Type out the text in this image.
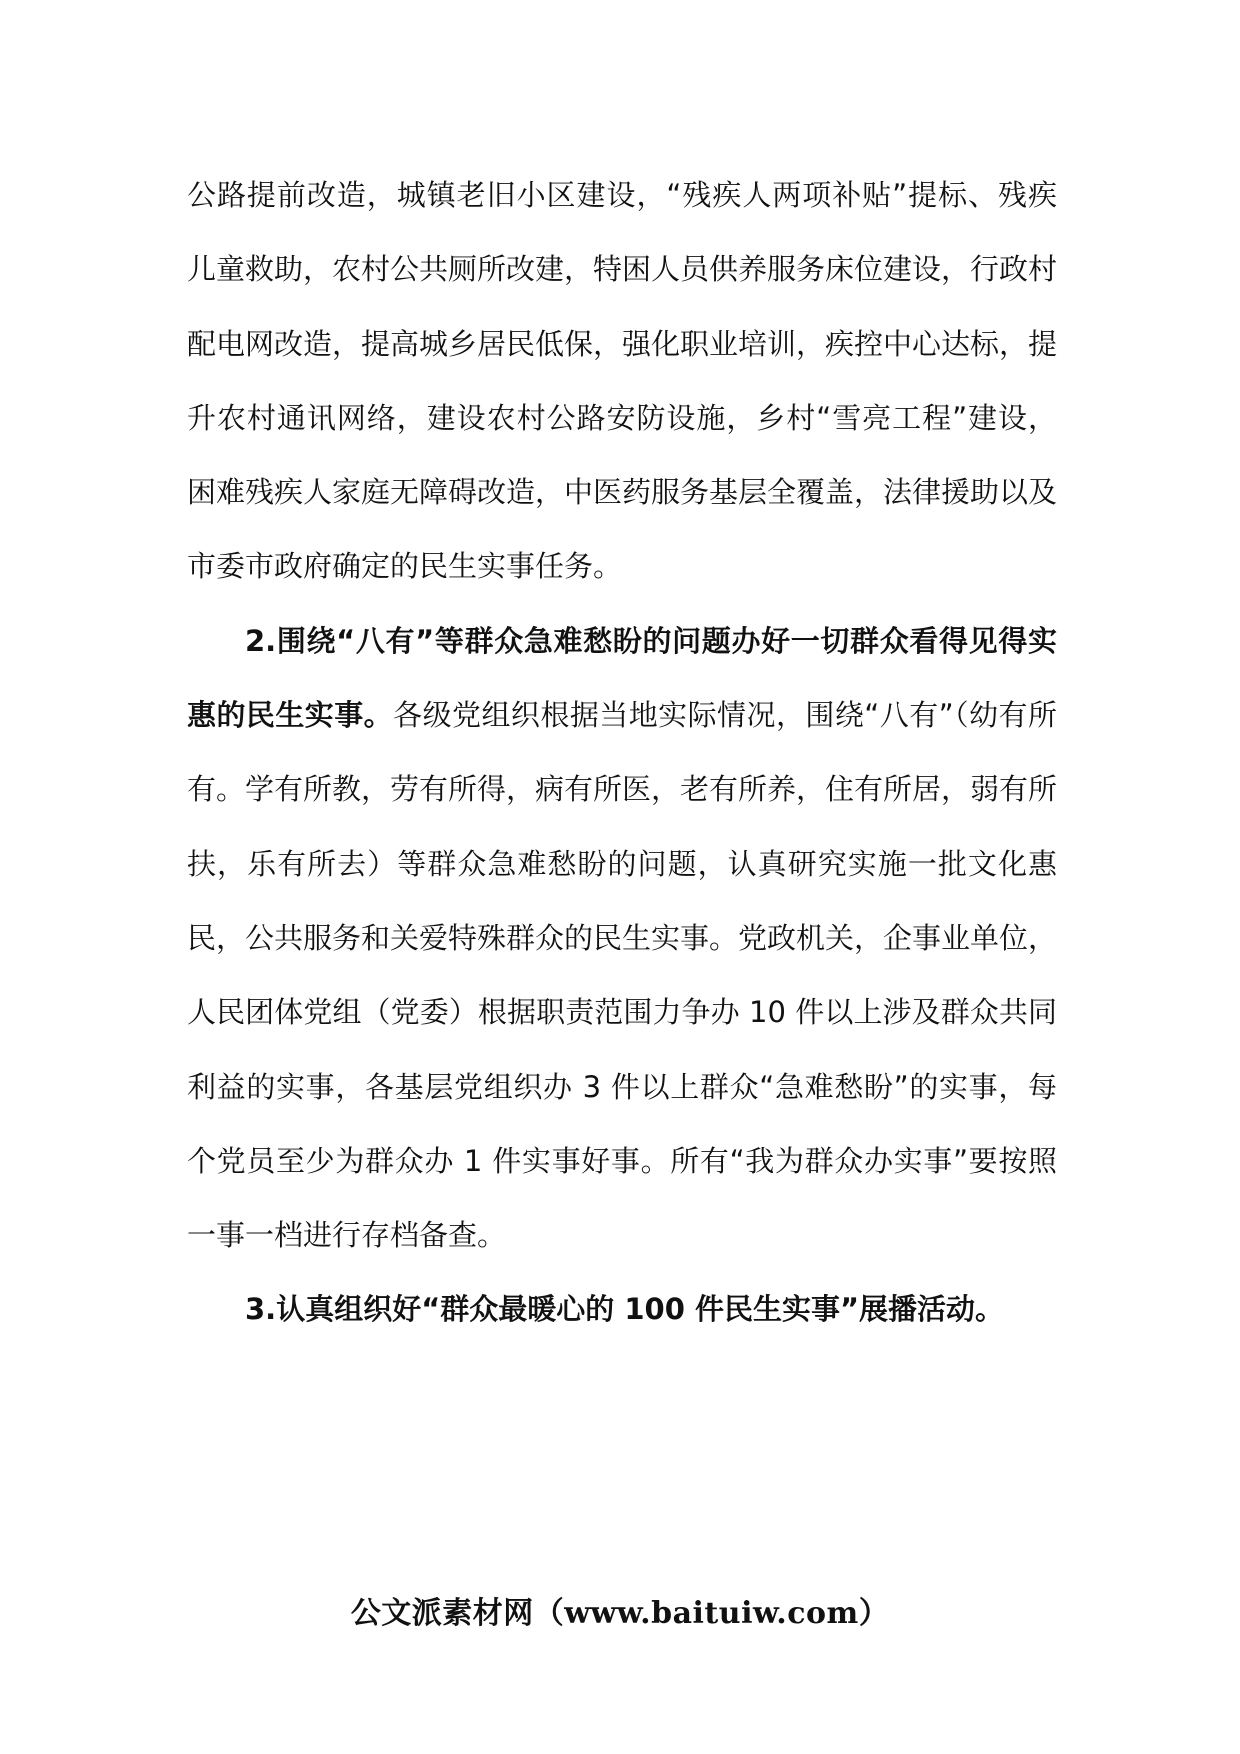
公路提前改造，城镇老旧小区建设，“残疾人两项补贴”提标、残疾儿童救助，农村公共厕所改建，特困人员供养服务床位建设，行政村配电网改造，提高城乡居民低保，强化职业培训，疾控中心达标，提升农村通讯网络，建设农村公路安防设施，乡村“雪亮工程”建设，困难残疾人家庭无障碍改造，中医药服务基层全覆盖，法律援助以及市委市政府确定的民生实事任务。

2.围绕“八有”等群众急难愁盼的问题办好一切群众看得见得实惠的民生实事。各级党组织根据当地实际情况，围绕“八有”（幼有所有。学有所教，劳有所得，病有所医，老有所养，住有所居，弱有所扶，乐有所去）等群众急难愁盼的问题，认真研究实施一批文化惠民，公共服务和关爱特殊群众的民生实事。党政机关，企事业单位，人民团体党组（党委）根据职责范围力争办 10 件以上涉及群众共同利益的实事，各基层党组织办 3 件以上群众“急难愁盼”的实事，每个党员至少为群众办 1 件实事好事。所有“我为群众办实事”要按照一事一档进行存档备查。

3.认真组织好“群众最暖心的 100 件民生实事”展播活动。

公文派素材网（www.baituiw.com）
